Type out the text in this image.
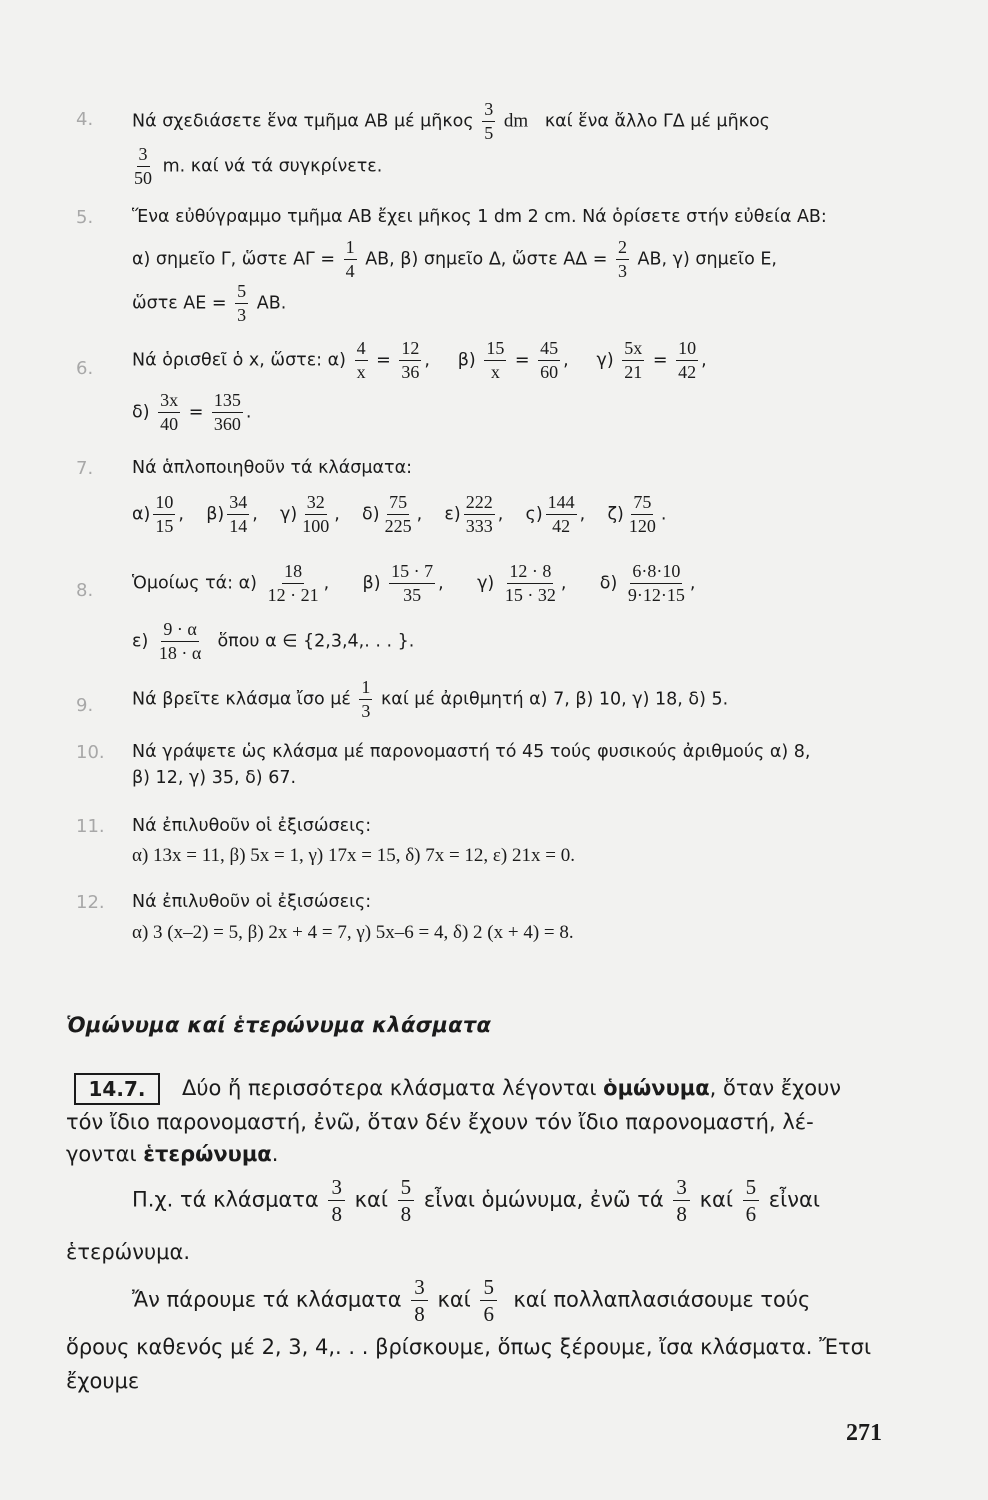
4. Νά σχεδιάσετε ἕνα τμῆμα ΑΒ μέ μῆκος $\frac{3}{5}$ dm καί ἕνα ἄλλο ΓΔ μέ μῆκος
$\frac{3}{50} m$. καί νά τά συγκρίνετε.
5. Ἕνα εὐθύγραμμο τμῆμα ΑΒ ἔχει μῆκος 1 dm 2 cm. Νά ὁρίσετε στήν εὐθεία ΑΒ:
α) σημεῖο Γ, ὥστε $A\Gamma = \frac{1}{4} AB$, β) σημεῖο Δ, ὥστε $A\Delta = \frac{2}{3} AB$, γ) σημεῖο Ε,
ὥστε $AE = \frac{5}{3} AB$.
6. Νά ὁρισθεῖ ὁ x, ὥστε: $\alpha) \frac{4}{x} = \frac{12}{36}$ ,     $\beta) \frac{15}{x} = \frac{45}{60}$ ,     $\gamma) \frac{5x}{21} = \frac{10}{42}$ ,
$\delta) \frac{3x}{40} = \frac{135}{360}$ .
7. Νά ἁπλοποιηθοῦν τά κλάσματα:
$\alpha) \frac{10}{15}$ ,    $\beta) \frac{34}{14}$ ,    $\gamma) \frac{32}{100}$ ,    $\delta) \frac{75}{225}$ ,    $\varepsilon) \frac{222}{333}$ ,    $\varsigma) \frac{144}{42}$ ,    $\zeta) \frac{75}{120}$ .
8. Ὁμοίως τά: $\alpha) \frac{18}{12 \cdot 21}$ ,      $\beta) \frac{15 \cdot 7}{35}$ ,      $\gamma) \frac{12 \cdot 8}{15 \cdot 32}$ ,      $\delta) \frac{6\cdot 8\cdot 10}{9\cdot 12\cdot 15}$ ,
$\varepsilon) \frac{9 \cdot \alpha}{18 \cdot \alpha}$ ὅπου α ∈ {2,3,4,. . . }.
9. Νά βρεῖτε κλάσμα ἴσο μέ $\frac{1}{3}$ καί μέ ἀριθμητή α) 7, β) 10, γ) 18, δ) 5.
10. Νά γράψετε ὡς κλάσμα μέ παρονομαστή τό 45 τούς φυσικούς ἀριθμούς α) 8,
β) 12, γ) 35, δ) 67.
11. Νά ἐπιλυθοῦν οἱ ἐξισώσεις:
α) 13x = 11, β) 5x = 1, γ) 17x = 15, δ) 7x = 12, ε) 21x = 0.
12. Νά ἐπιλυθοῦν οἱ ἐξισώσεις:
α) 3 (x–2) = 5, β) 2x + 4 = 7, γ) 5x–6 = 4, δ) 2 (x + 4) = 8.
Ὁμώνυμα καί ἑτερώνυμα κλάσματα
14.7.	Δύο ἤ περισσότερα κλάσματα λέγονται ὁμώνυμα, ὅταν ἔχουν
τόν ἴδιο παρονομαστή, ἐνῶ, ὅταν δέν ἔχουν τόν ἴδιο παρονομαστή, λέ-
γονται ἑτερώνυμα.
Π.χ. τά κλάσματα $\frac{3}{8}$ καί $\frac{5}{8}$ εἶναι ὁμώνυμα, ἐνῶ τά $\frac{3}{8}$ καί $\frac{5}{6}$ εἶναι
ἑτερώνυμα.
Ἄν πάρουμε τά κλάσματα $\frac{3}{8}$ καί $\frac{5}{6}$ καί πολλαπλασιάσουμε τούς
ὅρους καθενός μέ 2, 3, 4,. . . βρίσκουμε, ὅπως ξέρουμε, ἴσα κλάσματα. Ἔτσι
ἔχουμε
271
